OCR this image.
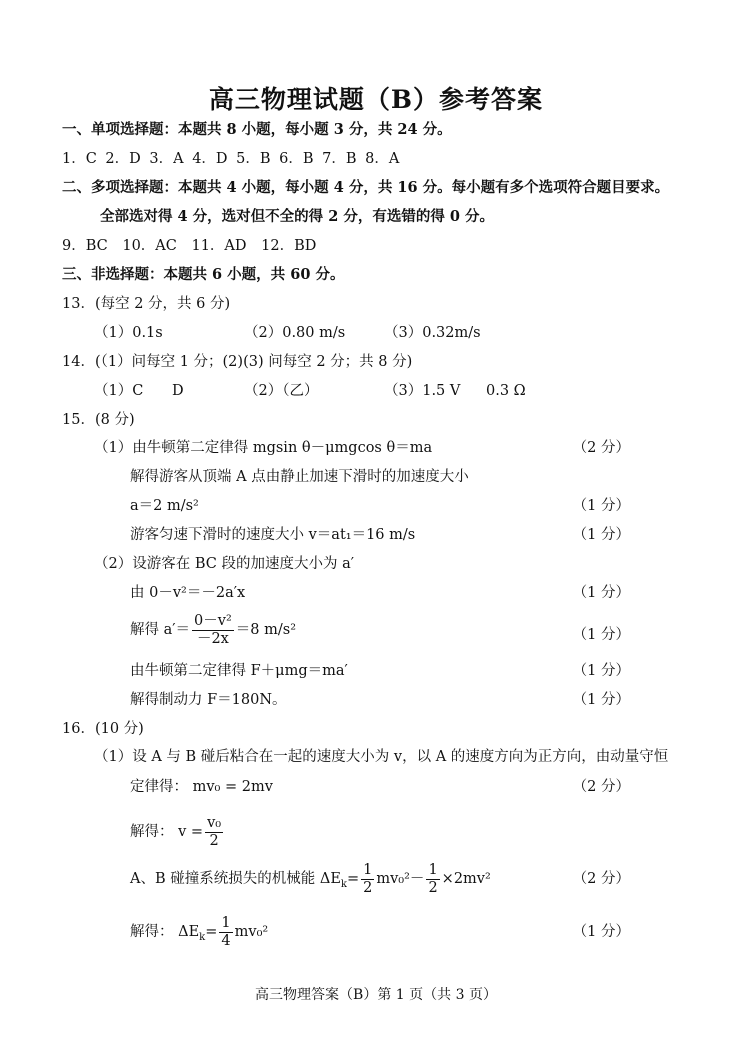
高三物理试题（B）参考答案
一、单项选择题：本题共 8 小题，每小题 3 分，共 24 分。
1．C 2．D 3．A 4．D 5．B 6．B 7．B 8．A
二、多项选择题：本题共 4 小题，每小题 4 分，共 16 分。每小题有多个选项符合题目要求。
全部选对得 4 分，选对但不全的得 2 分，有选错的得 0 分。
9．BC 10．AC 11．AD 12．BD
三、非选择题：本题共 6 小题，共 60 分。
13．(每空 2 分，共 6 分)
（1）0.1s	（2）0.80 m/s	（3）0.32m/s
14．(（1）问每空 1 分；(2)(3) 问每空 2 分；共 8 分)
（1）C D	（2）（乙）	（3）1.5 V 0.3 Ω
15．(8 分)
（1）由牛顿第二定律得 mgsin θ－μmgcos θ＝ma	（2 分）
解得游客从顶端 A 点由静止加速下滑时的加速度大小
a＝2 m/s²	（1 分）
游客匀速下滑时的速度大小 v＝at₁＝16 m/s	（1 分）
（2）设游客在 BC 段的加速度大小为 a′
由 0－v²＝－2a′x	（1 分）
解得 $a'= \frac{\text{0－v²}}{-2x} =8$ m/s²	（1 分）
由牛顿第二定律得 F＋μmg＝ma′	（1 分）
解得制动力 F＝180N。	（1 分）
16．(10 分)
（1）设 A 与 B 碰后粘合在一起的速度大小为 v，以 A 的速度方向为正方向，由动量守恒
定律得： mv₀ = 2mv	（2 分）
解得： $v = \frac{\text{v₀}}{2}$
A、B 碰撞系统损失的机械能 $\Delta E_k= \frac{1}{2} mv_0^2- \frac{1}{2} \times 2mv^2$	（2 分）
解得： $\Delta E_k= \frac{1}{4} mv_0^2$	（1 分）
高三物理答案（B）第 1 页（共 3 页）
